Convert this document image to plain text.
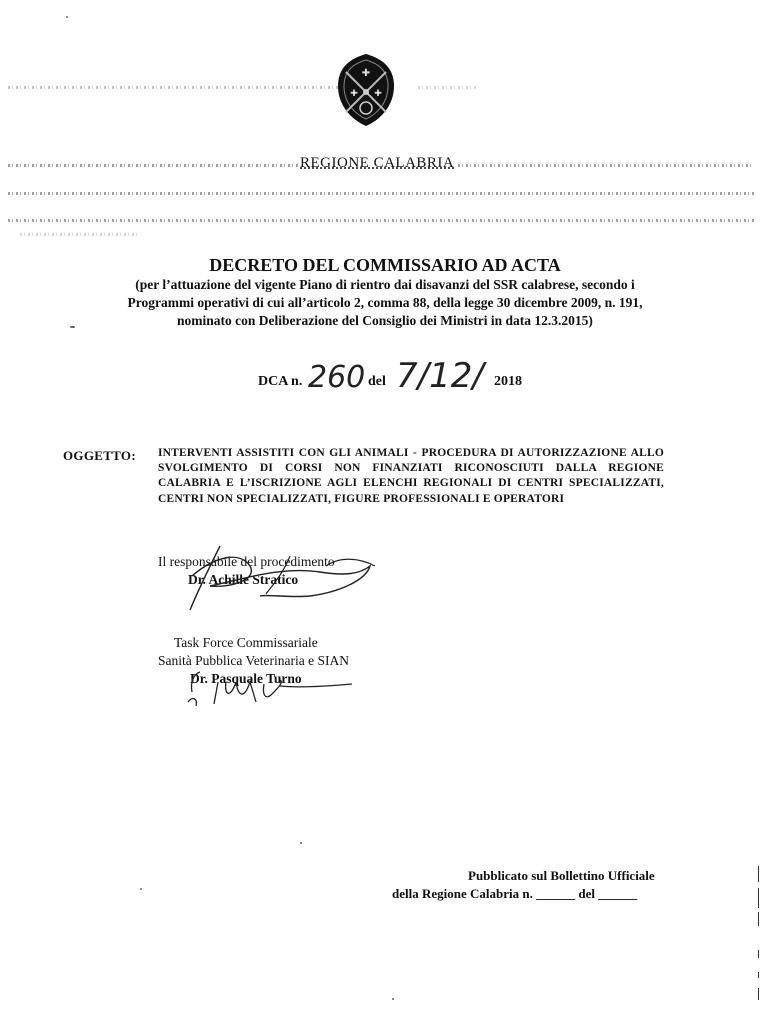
✚
✚ ✚
REGIONE CALABRIA
DECRETO DEL COMMISSARIO AD ACTA
(per l’attuazione del vigente Piano di rientro dai disavanzi del SSR calabrese, secondo i
Programmi operativi di cui all’articolo 2, comma 88, della legge 30 dicembre 2009, n. 191,
nominato con Deliberazione del Consiglio dei Ministri in data 12.3.2015)
DCA n. 260 del 7/12/ 2018
OGGETTO: INTERVENTI ASSISTITI CON GLI ANIMALI - PROCEDURA DI AUTORIZZAZIONE ALLO SVOLGIMENTO DI CORSI NON FINANZIATI RICONOSCIUTI DALLA REGIONE CALABRIA E L’ISCRIZIONE AGLI ELENCHI REGIONALI DI CENTRI SPECIALIZZATI, CENTRI NON SPECIALIZZATI, FIGURE PROFESSIONALI E OPERATORI
Il responsabile del procedimento
Dr. Achille Stratico
Task Force Commissariale
Sanità Pubblica Veterinaria e SIAN
Dr. Pasquale Turno
Pubblicato sul Bollettino Ufficiale
della Regione Calabria n. ______ del ______
